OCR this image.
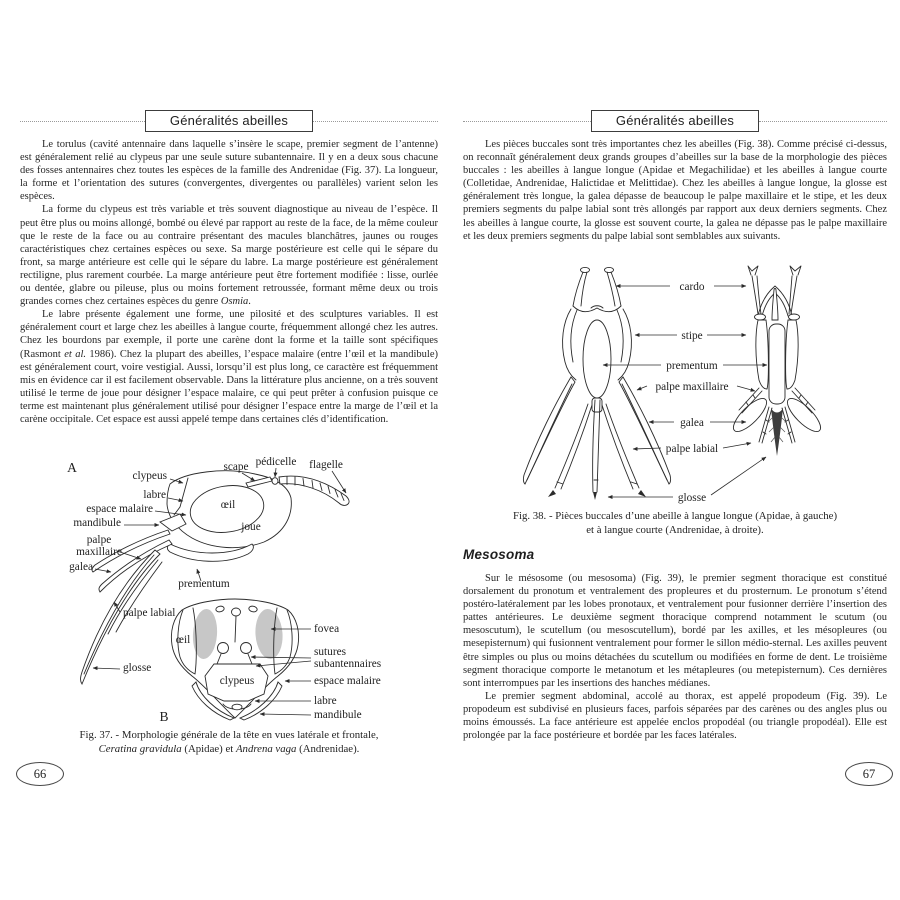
Généralités abeilles

Le torulus (cavité antennaire dans laquelle s’insère le scape, premier segment de l’antenne) est généralement relié au clypeus par une seule suture subantennaire. Il y en a deux sous chacune des fosses antennaires chez toutes les espèces de la famille des Andrenidae (Fig. 37). La longueur, la forme et l’orientation des sutures (convergentes, divergentes ou parallèles) varient selon les espèces.

La forme du clypeus est très variable et très souvent diagnostique au niveau de l’espèce. Il peut être plus ou moins allongé, bombé ou élevé par rapport au reste de la face, de la même couleur que le reste de la face ou au contraire présentant des macules blanchâtres, jaunes ou rouges caractéristiques chez certaines espèces ou sexe. Sa marge postérieure est celle qui le sépare du front, sa marge antérieure est celle qui le sépare du labre. La marge postérieure est généralement rectiligne, plus rarement courbée. La marge antérieure peut être fortement modifiée : lisse, ourlée ou dentée, glabre ou pileuse, plus ou moins fortement retroussée, formant même deux ou trois grandes cornes chez certaines espèces du genre Osmia.

Le labre présente également une forme, une pilosité et des sculptures variables. Il est généralement court et large chez les abeilles à langue courte, fréquemment allongé chez les autres. Chez les bourdons par exemple, il porte une carène dont la forme et la taille sont spécifiques (Rasmont et al. 1986). Chez la plupart des abeilles, l’espace malaire (entre l’œil et la mandibule) est généralement court, voire vestigial. Aussi, lorsqu’il est plus long, ce caractère est fréquemment mis en évidence car il est facilement observable. Dans la littérature plus ancienne, on a très souvent utilisé le terme de joue pour désigner l’espace malaire, ce qui peut prêter à confusion puisque ce terme est maintenant plus généralement utilisé pour désigner l’espace entre la marge de l’œil et la carène occipitale. Cet espace est aussi appelé tempe dans certaines clés d’identification.

A
clypeus
scape pédicelle flagelle
labre
œil
espace malaire
mandibule	joue
palpe
maxillaire
galea
prementum
palpe labial
œil
glosse
fovea
sutures
subantennaires
espace malaire
clypeus
labre
mandibule
B
Fig. 37. - Morphologie générale de la tête en vues latérale et frontale,
Ceratina gravidula (Apidae) et Andrena vaga (Andrenidae).
66
Généralités abeilles

Les pièces buccales sont très importantes chez les abeilles (Fig. 38). Comme précisé ci-dessus, on reconnaît généralement deux grands groupes d’abeilles sur la base de la morphologie des pièces buccales : les abeilles à langue longue (Apidae et Megachilidae) et les abeilles à langue courte (Colletidae, Andrenidae, Halictidae et Melittidae). Chez les abeilles à langue longue, la glosse est généralement très longue, la galea dépasse de beaucoup le palpe maxillaire et le stipe, et les deux premiers segments du palpe labial sont très allongés par rapport aux deux derniers segments. Chez les abeilles à langue courte, la glosse est souvent courte, la galea ne dépasse pas le palpe maxillaire et les deux premiers segments du palpe labial sont semblables aux suivants.

cardo
stipe
prementum
palpe maxillaire
galea
palpe labial
glosse
Fig. 38. - Pièces buccales d’une abeille à langue longue (Apidae, à gauche)
et à langue courte (Andrenidae, à droite).
Mesosoma

Sur le mésosome (ou mesosoma) (Fig. 39), le premier segment thoracique est constitué dorsalement du pronotum et ventralement des propleures et du prosternum. Le pronotum s’étend postéro-latéralement par les lobes pronotaux, et ventralement pour fusionner derrière l’insertion des pattes antérieures. Le deuxième segment thoracique comprend notamment le scutum (ou mesoscutum), le scutellum (ou mesoscutellum), bordé par les axilles, et les mésopleures (ou mesepisternum) qui fusionnent ventralement pour former le sillon médio-sternal. Les axilles peuvent être simples ou plus ou moins détachées du scutellum ou modifiées en forme de dent. Le troisième segment thoracique comporte le metanotum et les métapleures (ou metepisternum). Ces dernières sont interrompues par les insertions des hanches médianes.

Le premier segment abdominal, accolé au thorax, est appelé propodeum (Fig. 39). Le propodeum est subdivisé en plusieurs faces, parfois séparées par des carènes ou des angles plus ou moins émoussés. La face antérieure est appelée enclos propodéal (ou triangle propodéal). Elle est prolongée par la face postérieure et bordée par les faces latérales.

67
